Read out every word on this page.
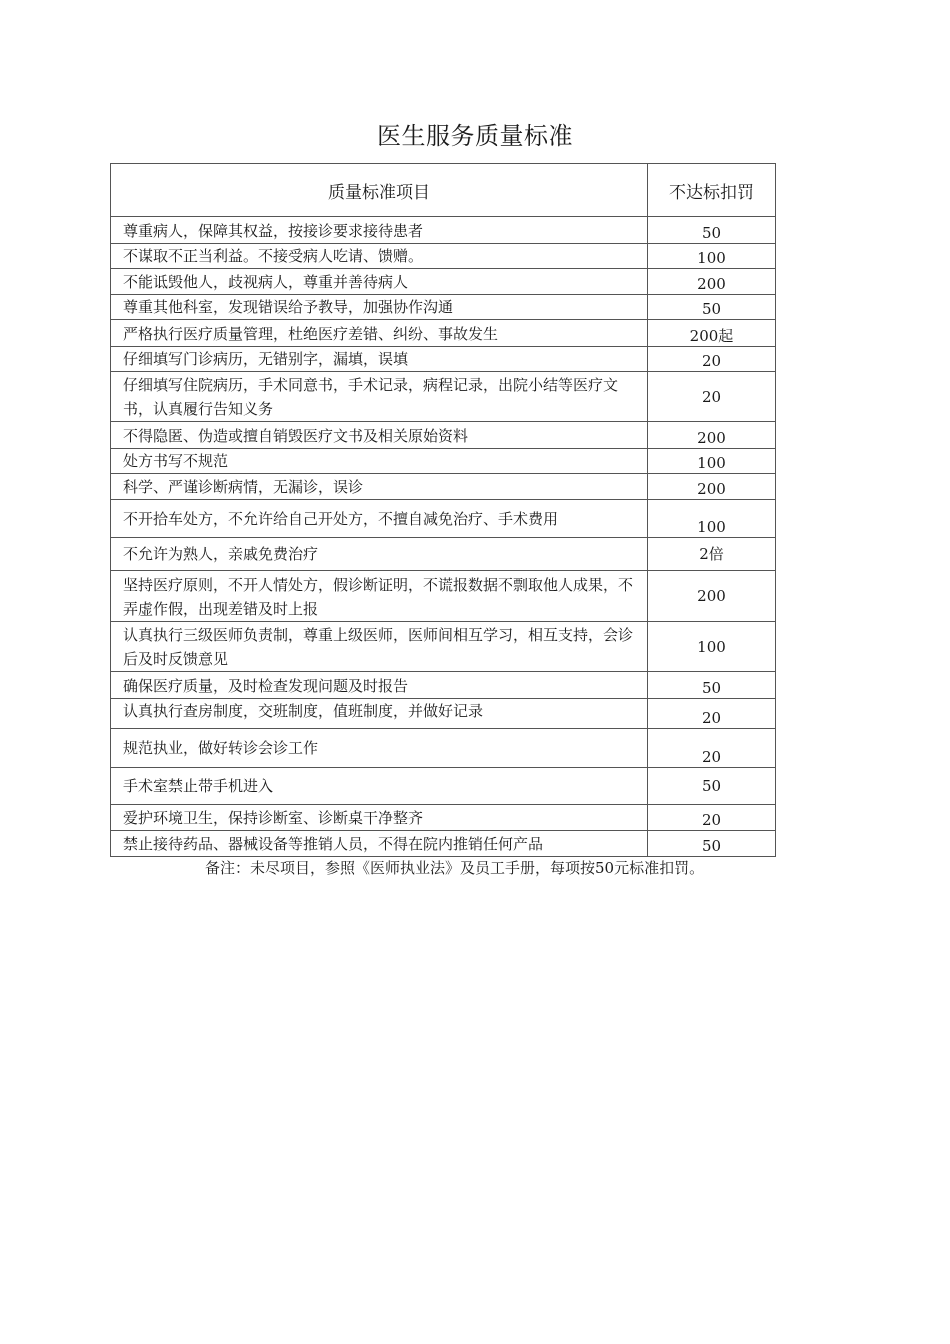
医生服务质量标准
质量标准项目	不达标扣罚
尊重病人，保障其权益，按接诊要求接待患者	50
不谋取不正当利益。不接受病人吃请、馈赠。	100
不能诋毁他人，歧视病人，尊重并善待病人	200
尊重其他科室，发现错误给予教导，加强协作沟通	50
严格执行医疗质量管理，杜绝医疗差错、纠纷、事故发生	200起
仔细填写门诊病历，无错别字，漏填，误填	20
仔细填写住院病历，手术同意书，手术记录，病程记录，出院小结等医疗文书，认真履行告知义务	20
不得隐匿、伪造或擅自销毁医疗文书及相关原始资料	200
处方书写不规范	100
科学、严谨诊断病情，无漏诊，误诊	200
不开拾车处方，不允许给自己开处方，不擅自减免治疗、手术费用	100
不允许为熟人，亲戚免费治疗	2倍
坚持医疗原则，不开人情处方，假诊断证明，不谎报数据不剽取他人成果，不弄虚作假，出现差错及时上报	200
认真执行三级医师负责制，尊重上级医师，医师间相互学习，相互支持，会诊后及时反馈意见	100
确保医疗质量，及时检查发现问题及时报告	50
认真执行查房制度，交班制度，值班制度，并做好记录	20
规范执业，做好转诊会诊工作	20
手术室禁止带手机进入	50
爱护环境卫生，保持诊断室、诊断桌干净整齐	20
禁止接待药品、器械设备等推销人员，不得在院内推销任何产品	50
备注：未尽项目，参照《医师执业法》及员工手册，每项按50元标准扣罚。
